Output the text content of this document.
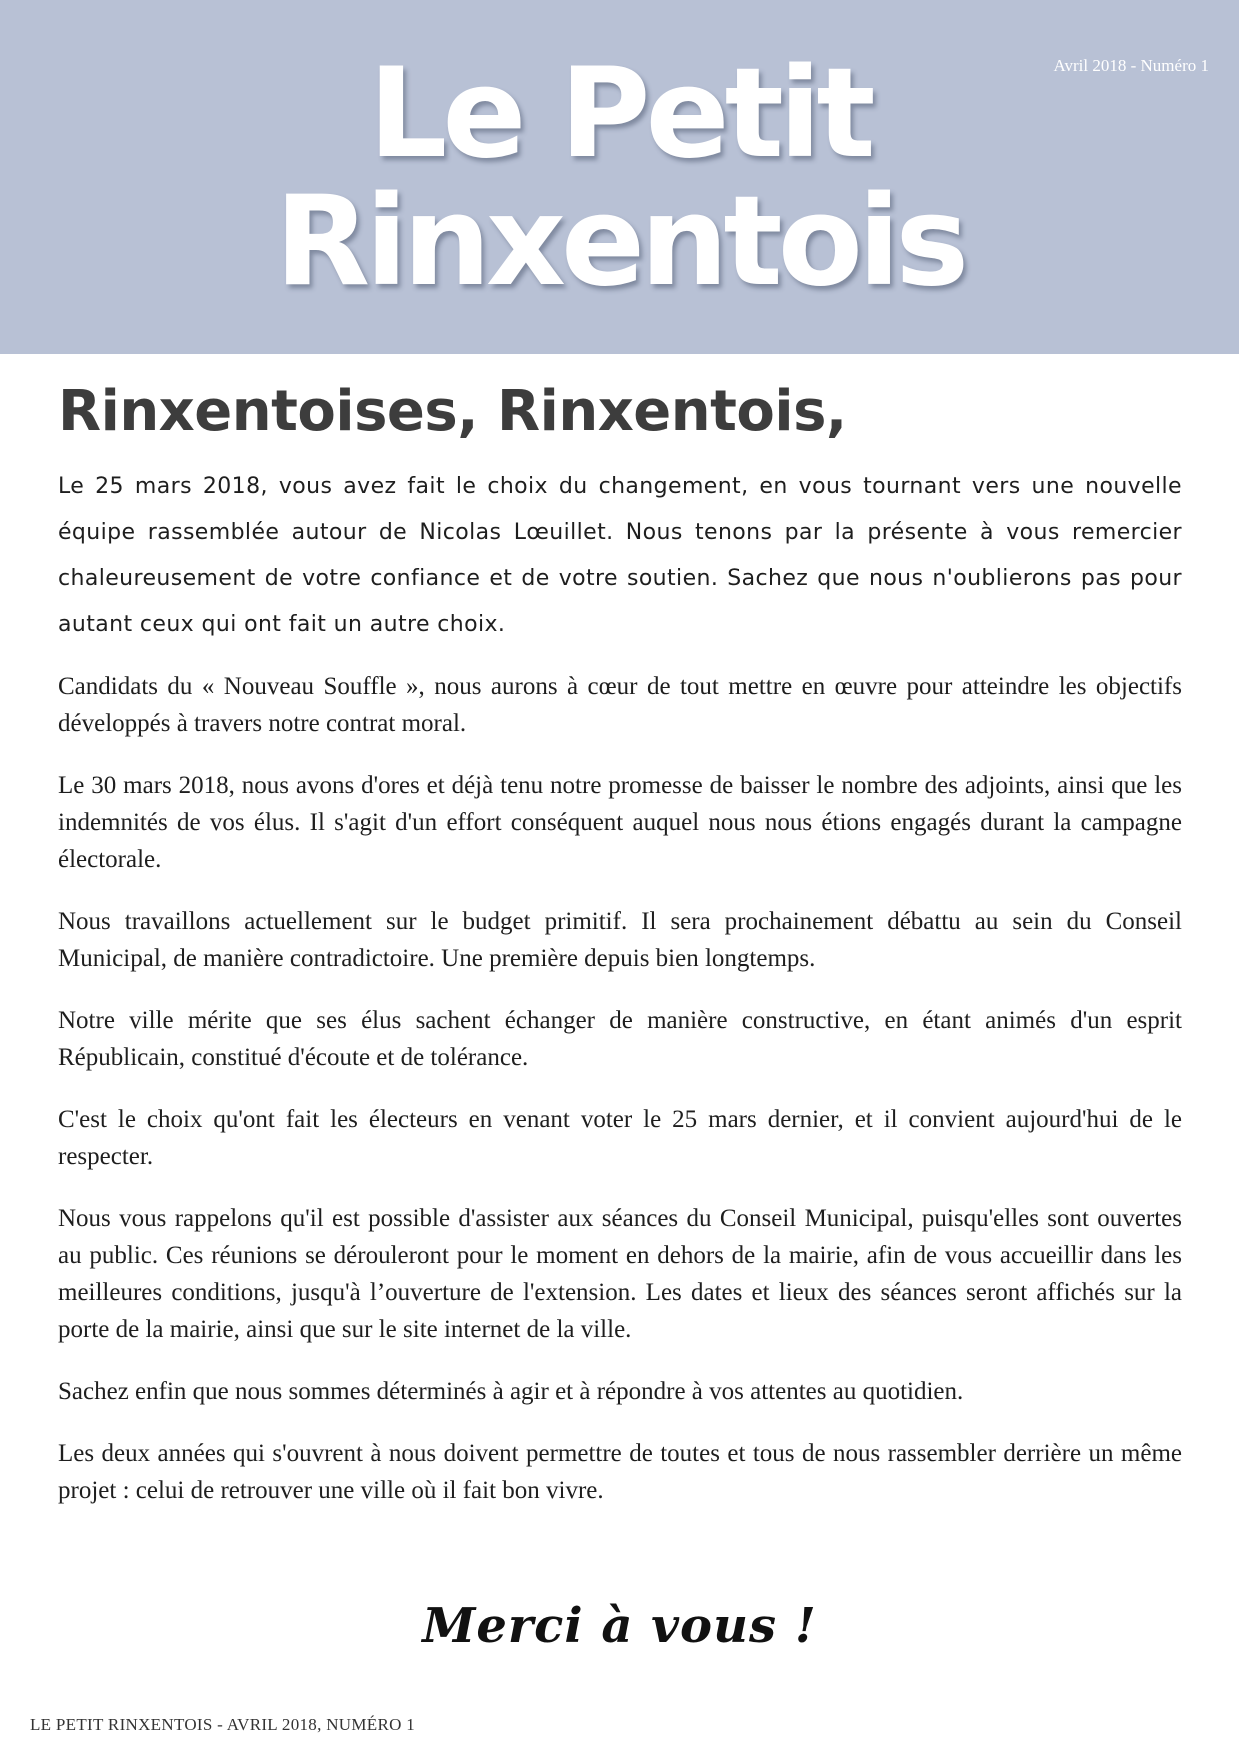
Avril 2018 - Numéro 1
Le Petit
Rinxentois
Rinxentoises, Rinxentois,

Le 25 mars 2018, vous avez fait le choix du changement, en vous tournant vers une nouvelle équipe rassemblée autour de Nicolas Lœuillet. Nous tenons par la présente à vous remercier chaleureusement de votre confiance et de votre soutien. Sachez que nous n'oublierons pas pour autant ceux qui ont fait un autre choix.

Candidats du « Nouveau Souffle », nous aurons à cœur de tout mettre en œuvre pour atteindre les objectifs développés à travers notre contrat moral.

Le 30 mars 2018, nous avons d'ores et déjà tenu notre promesse de baisser le nombre des adjoints, ainsi que les indemnités de vos élus. Il s'agit d'un effort conséquent auquel nous nous étions engagés durant la campagne électorale.

Nous travaillons actuellement sur le budget primitif. Il sera prochainement débattu au sein du Conseil Municipal, de manière contradictoire. Une première depuis bien longtemps.

Notre ville mérite que ses élus sachent échanger de manière constructive, en étant animés d'un esprit Républicain, constitué d'écoute et de tolérance.

C'est le choix qu'ont fait les électeurs en venant voter le 25 mars dernier, et il convient aujourd'hui de le respecter.

Nous vous rappelons qu'il est possible d'assister aux séances du Conseil Municipal, puisqu'elles sont ouvertes au public. Ces réunions se dérouleront pour le moment en dehors de la mairie, afin de vous accueillir dans les meilleures conditions, jusqu'à l’ouverture de l'extension. Les dates et lieux des séances seront affichés sur la porte de la mairie, ainsi que sur le site internet de la ville.

Sachez enfin que nous sommes déterminés à agir et à répondre à vos attentes au quotidien.

Les deux années qui s'ouvrent à nous doivent permettre de toutes et tous de nous rassembler derrière un même projet : celui de retrouver une ville où il fait bon vivre.

Merci à vous !
LE PETIT RINXENTOIS - AVRIL 2018, NUMÉRO 1
